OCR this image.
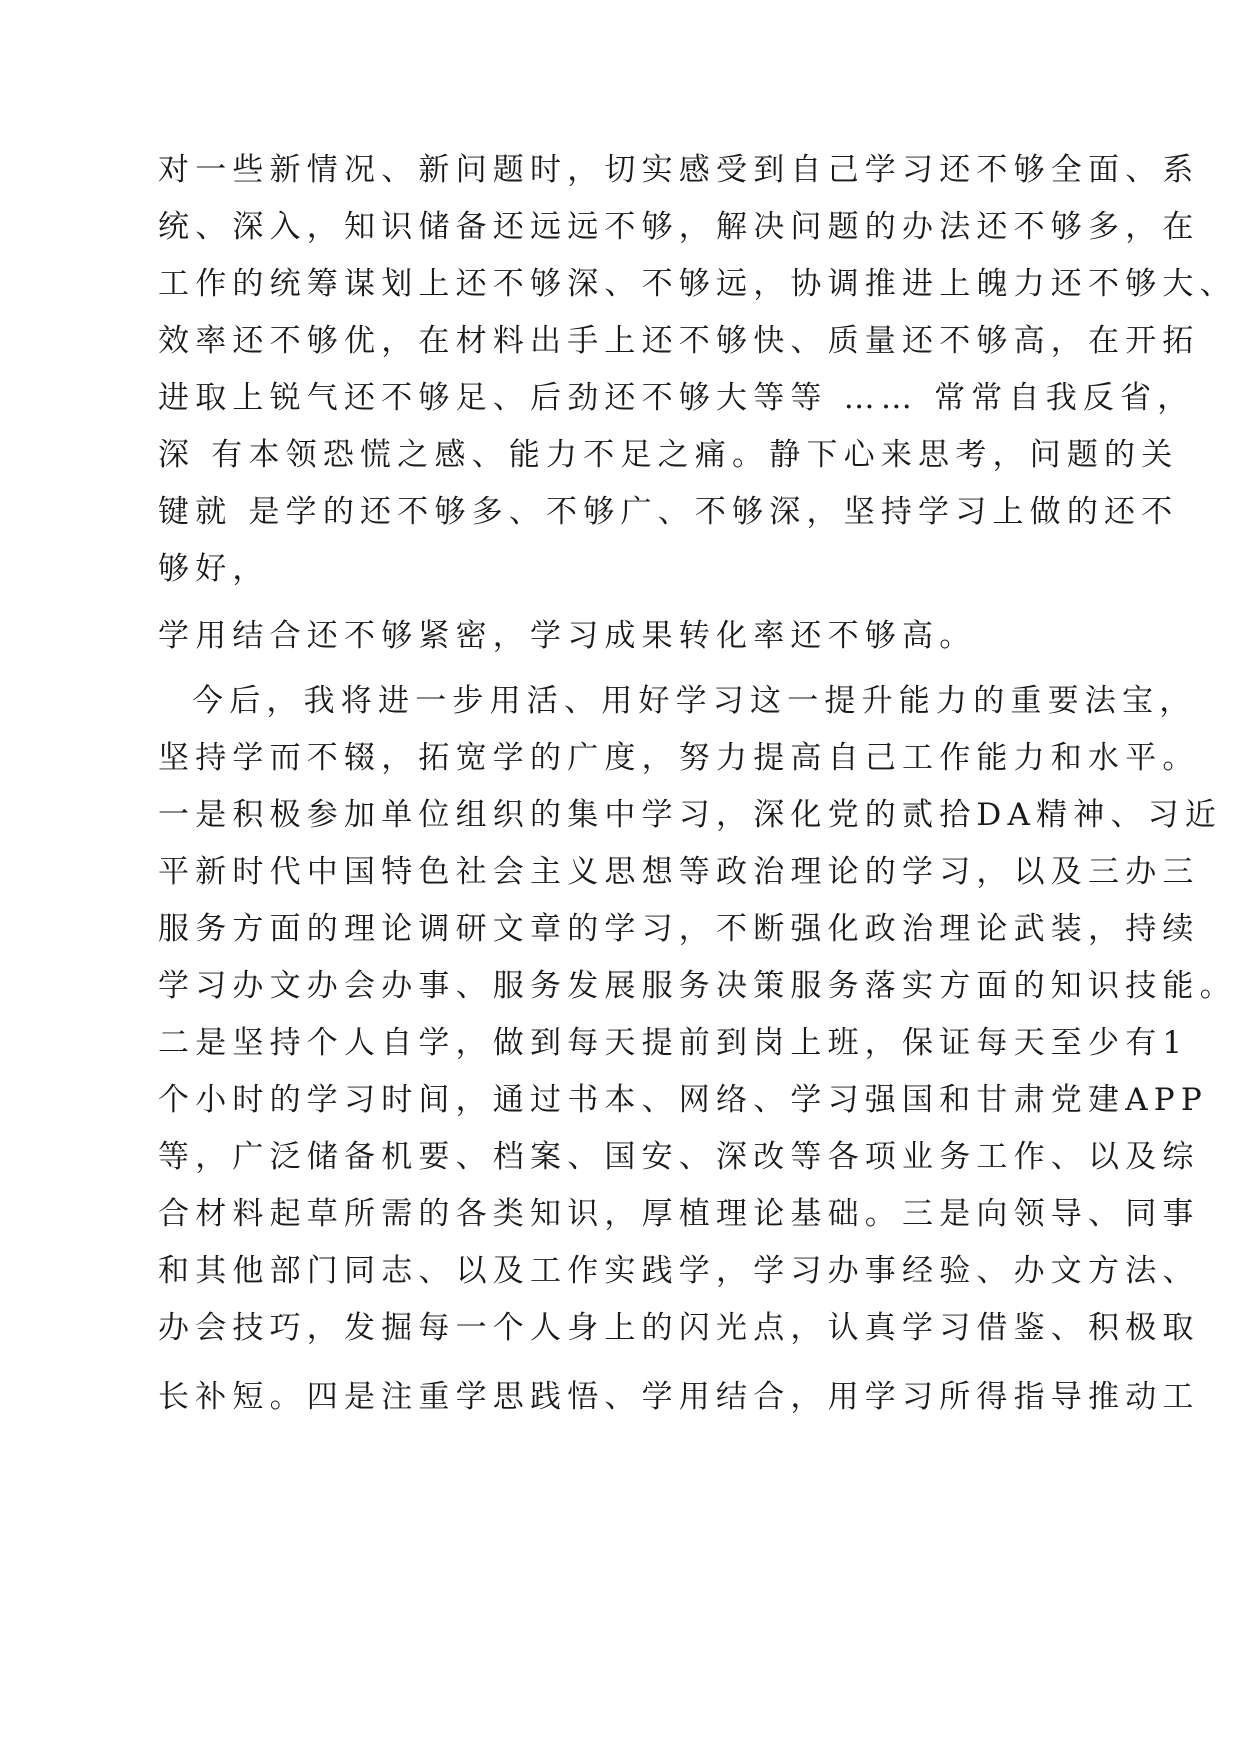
对一些新情况、新问题时，切实感受到自己学习还不够全面、系
统、深入，知识储备还远远不够，解决问题的办法还不够多，在
工作的统筹谋划上还不够深、不够远，协调推进上魄力还不够大、
效率还不够优，在材料出手上还不够快、质量还不够高，在开拓
进取上锐气还不够足、后劲还不够大等等 …… 常常自我反省，
深 有本领恐慌之感、能力不足之痛。静下心来思考，问题的关
键就 是学的还不够多、不够广、不够深，坚持学习上做的还不
够好，
学用结合还不够紧密，学习成果转化率还不够高。
今后，我将进一步用活、用好学习这一提升能力的重要法宝，
坚持学而不辍，拓宽学的广度，努力提高自己工作能力和水平。
一是积极参加单位组织的集中学习，深化党的贰拾DA精神、习近
平新时代中国特色社会主义思想等政治理论的学习，以及三办三
服务方面的理论调研文章的学习，不断强化政治理论武装，持续
学习办文办会办事、服务发展服务决策服务落实方面的知识技能。
二是坚持个人自学，做到每天提前到岗上班，保证每天至少有1
个小时的学习时间，通过书本、网络、学习强国和甘肃党建APP
等，广泛储备机要、档案、国安、深改等各项业务工作、以及综
合材料起草所需的各类知识，厚植理论基础。三是向领导、同事
和其他部门同志、以及工作实践学，学习办事经验、办文方法、
办会技巧，发掘每一个人身上的闪光点，认真学习借鉴、积极取
长补短。四是注重学思践悟、学用结合，用学习所得指导推动工
